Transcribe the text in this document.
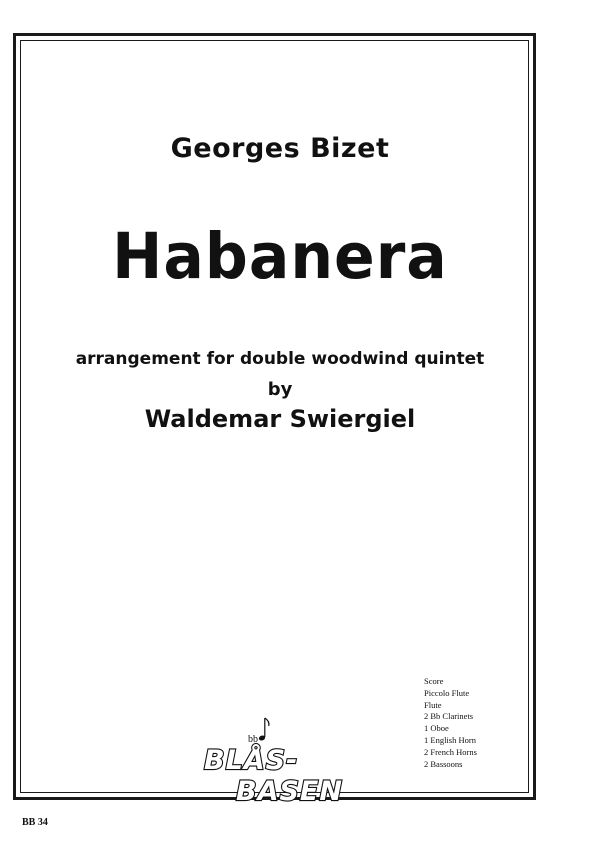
Georges Bizet
Habanera
arrangement for double woodwind quintet
by
Waldemar Swiergiel
Score
Piccolo Flute
Flute
2 Bb Clarinets
1 Oboe
1 English Horn
2 French Horns
2 Bassoons
bb
BLÅS-
BASEN
BB 34
